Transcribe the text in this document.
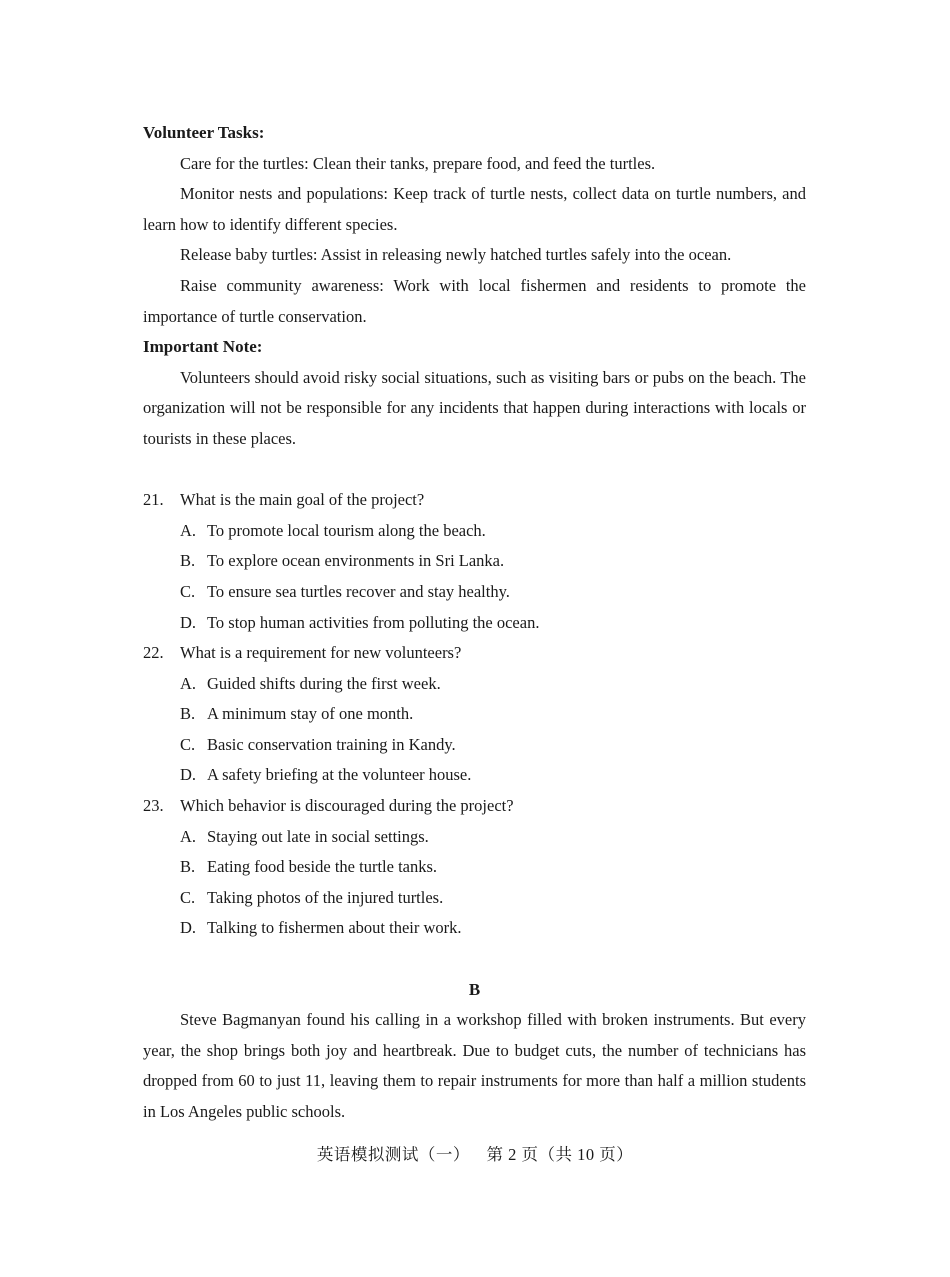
Volunteer Tasks:

Care for the turtles: Clean their tanks, prepare food, and feed the turtles.

Monitor nests and populations: Keep track of turtle nests, collect data on turtle numbers, and learn how to identify different species.

Release baby turtles: Assist in releasing newly hatched turtles safely into the ocean.

Raise community awareness: Work with local fishermen and residents to promote the importance of turtle conservation.

Important Note:

Volunteers should avoid risky social situations, such as visiting bars or pubs on the beach. The organization will not be responsible for any incidents that happen during interactions with locals or tourists in these places.

21. What is the main goal of the project?

A. To promote local tourism along the beach.

B. To explore ocean environments in Sri Lanka.

C. To ensure sea turtles recover and stay healthy.

D. To stop human activities from polluting the ocean.

22. What is a requirement for new volunteers?

A. Guided shifts during the first week.

B. A minimum stay of one month.

C. Basic conservation training in Kandy.

D. A safety briefing at the volunteer house.

23. Which behavior is discouraged during the project?

A. Staying out late in social settings.

B. Eating food beside the turtle tanks.

C. Taking photos of the injured turtles.

D. Talking to fishermen about their work.

B

Steve Bagmanyan found his calling in a workshop filled with broken instruments. But every year, the shop brings both joy and heartbreak. Due to budget cuts, the number of technicians has dropped from 60 to just 11, leaving them to repair instruments for more than half a million students in Los Angeles public schools.

英语模拟测试（一） 第 2 页（共 10 页）
